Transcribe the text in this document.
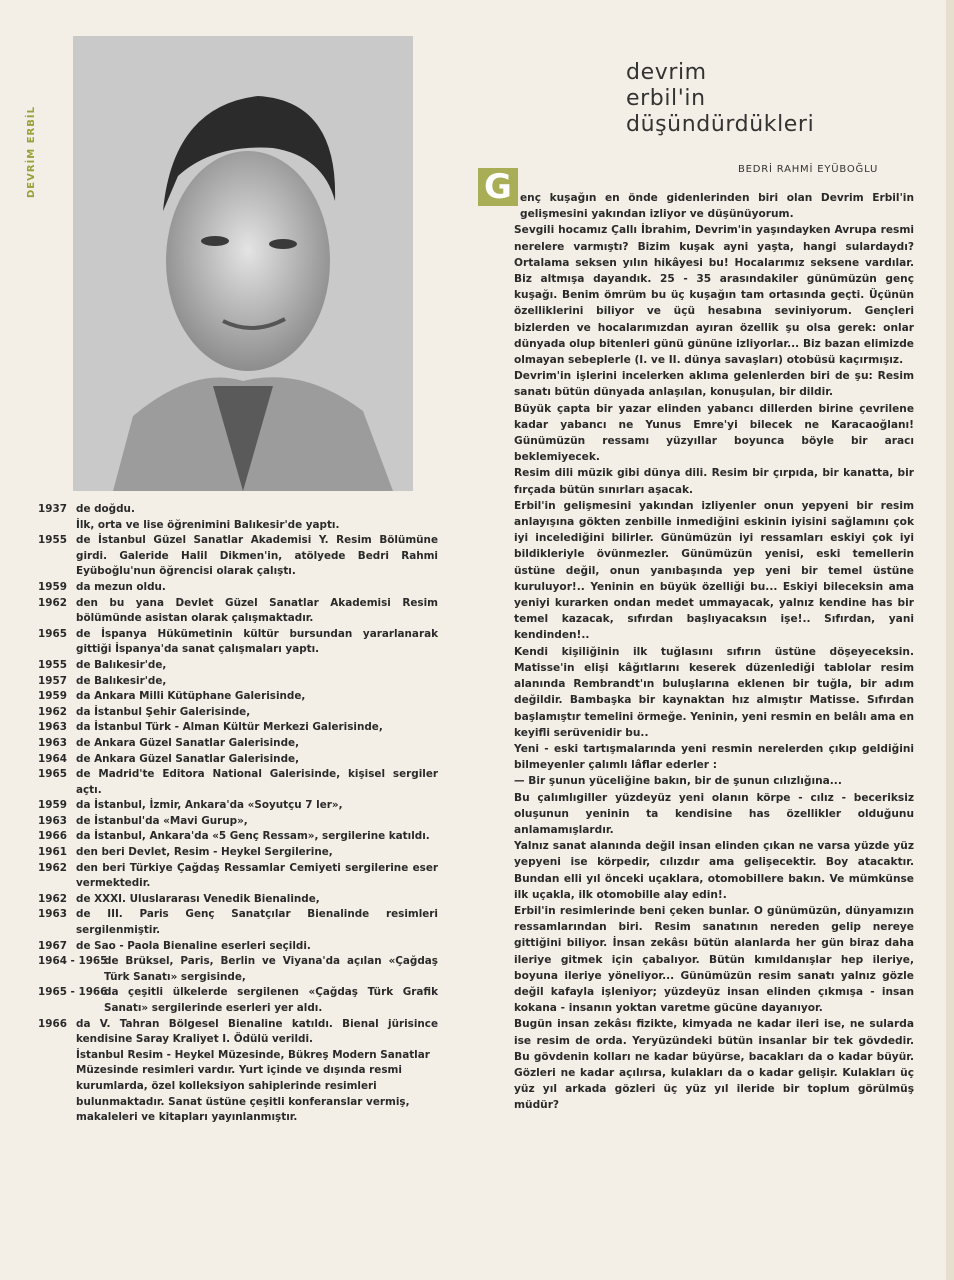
DEVRİM ERBİL
devrim
erbil'in
düşündürdükleri
BEDRİ RAHMİ EYÜBOĞLU
G enç kuşağın en önde gidenlerinden biri olan Devrim Erbil'in gelişmesini yakından izliyor ve düşünüyorum.

Sevgili hocamız Çallı İbrahim, Devrim'in yaşındayken Avrupa resmi nerelere varmıştı? Bizim kuşak ayni yaşta, hangi sulardaydı? Ortalama seksen yılın hikâyesi bu! Hocalarımız seksene vardılar. Biz altmışa dayandık. 25 - 35 arasındakiler günümüzün genç kuşağı. Benim ömrüm bu üç kuşağın tam ortasında geçti. Üçünün özelliklerini biliyor ve üçü hesabına seviniyorum. Gençleri bizlerden ve hocalarımızdan ayıran özellik şu olsa gerek: onlar dünyada olup bitenleri günü gününe izliyorlar... Biz bazan elimizde olmayan sebeplerle (I. ve II. dünya savaşları) otobüsü kaçırmışız.

Devrim'in işlerini incelerken aklıma gelenlerden biri de şu: Resim sanatı bütün dünyada anlaşılan, konuşulan, bir dildir.

Büyük çapta bir yazar elinden yabancı dillerden birine çevrilene kadar yabancı ne Yunus Emre'yi bilecek ne Karacaoğlanı! Günümüzün ressamı yüzyıllar boyunca böyle bir aracı beklemiyecek.

Resim dili müzik gibi dünya dili. Resim bir çırpıda, bir kanatta, bir fırçada bütün sınırları aşacak.

Erbil'in gelişmesini yakından izliyenler onun yepyeni bir resim anlayışına gökten zenbille inmediğini eskinin iyisini sağlamını çok iyi incelediğini bilirler. Günümüzün iyi ressamları eskiyi çok iyi bildikleriyle övünmezler. Günümüzün yenisi, eski temellerin üstüne değil, onun yanıbaşında yep yeni bir temel üstüne kuruluyor!.. Yeninin en büyük özelliği bu... Eskiyi bileceksin ama yeniyi kurarken ondan medet ummayacak, yalnız kendine has bir temel kazacak, sıfırdan başlıyacaksın işe!.. Sıfırdan, yani kendinden!..

Kendi kişiliğinin ilk tuğlasını sıfırın üstüne döşeyeceksin. Matisse'in elişi kâğıtlarını keserek düzenlediği tablolar resim alanında Rembrandt'ın buluşlarına eklenen bir tuğla, bir adım değildir. Bambaşka bir kaynaktan hız almıştır Matisse. Sıfırdan başlamıştır temelini örmeğe. Yeninin, yeni resmin en belâlı ama en keyifli serüvenidir bu..

Yeni - eski tartışmalarında yeni resmin nerelerden çıkıp geldiğini bilmeyenler çalımlı lâflar ederler :

— Bir şunun yüceliğine bakın, bir de şunun cılızlığına...

Bu çalımlıgiller yüzdeyüz yeni olanın körpe - cılız - beceriksiz oluşunun yeninin ta kendisine has özellikler olduğunu anlamamışlardır.

Yalnız sanat alanında değil insan elinden çıkan ne varsa yüzde yüz yepyeni ise körpedir, cılızdır ama gelişecektir. Boy atacaktır. Bundan elli yıl önceki uçaklara, otomobillere bakın. Ve mümkünse ilk uçakla, ilk otomobille alay edin!.

Erbil'in resimlerinde beni çeken bunlar. O günümüzün, dünyamızın ressamlarından biri. Resim sanatının nereden gelip nereye gittiğini biliyor. İnsan zekâsı bütün alanlarda her gün biraz daha ileriye gitmek için çabalıyor. Bütün kımıldanışlar hep ileriye, boyuna ileriye yöneliyor... Günümüzün resim sanatı yalnız gözle değil kafayla işleniyor; yüzdeyüz insan elinden çıkmışa - insan kokana - insanın yoktan varetme gücüne dayanıyor.

Bugün insan zekâsı fizikte, kimyada ne kadar ileri ise, ne sularda ise resim de orda. Yeryüzündeki bütün insanlar bir tek gövdedir. Bu gövdenin kolları ne kadar büyürse, bacakları da o kadar büyür. Gözleri ne kadar açılırsa, kulakları da o kadar gelişir. Kulakları üç yüz yıl arkada gözleri üç yüz yıl ileride bir toplum görülmüş müdür?

1937 de doğdu.
İlk, orta ve lise öğrenimini Balıkesir'de yaptı.
1955 de İstanbul Güzel Sanatlar Akademisi Y. Resim Bölümüne girdi. Galeride Halil Dikmen'in, atölyede Bedri Rahmi Eyüboğlu'nun öğrencisi olarak çalıştı.
1959 da mezun oldu.
1962 den bu yana Devlet Güzel Sanatlar Akademisi Resim bölümünde asistan olarak çalışmaktadır.
1965 de İspanya Hükümetinin kültür bursundan yararlanarak gittiği İspanya'da sanat çalışmaları yaptı.
1955 de Balıkesir'de,
1957 de Balıkesir'de,
1959 da Ankara Milli Kütüphane Galerisinde,
1962 da İstanbul Şehir Galerisinde,
1963 da İstanbul Türk - Alman Kültür Merkezi Galerisinde,
1963 de Ankara Güzel Sanatlar Galerisinde,
1964 de Ankara Güzel Sanatlar Galerisinde,
1965 de Madrid'te Editora National Galerisinde, kişisel sergiler açtı.
1959 da İstanbul, İzmir, Ankara'da «Soyutçu 7 ler»,
1963 de İstanbul'da «Mavi Gurup»,
1966 da İstanbul, Ankara'da «5 Genç Ressam», sergilerine katıldı.
1961 den beri Devlet, Resim - Heykel Sergilerine,
1962 den beri Türkiye Çağdaş Ressamlar Cemiyeti sergilerine eser vermektedir.
1962 de XXXI. Uluslararası Venedik Bienalinde,
1963 de III. Paris Genç Sanatçılar Bienalinde resimleri sergilenmiştir.
1967 de Sao - Paola Bienaline eserleri seçildi.
1964 - 1965
de Brüksel, Paris, Berlin ve Viyana'da açılan «Çağdaş Türk Sanatı» sergisinde,
1965 - 1966
da çeşitli ülkelerde sergilenen «Çağdaş Türk Grafik Sanatı» sergilerinde eserleri yer aldı.
1966 da V. Tahran Bölgesel Bienaline katıldı. Bienal jürisince kendisine Saray Kraliyet I. Ödülü verildi.
İstanbul Resim - Heykel Müzesinde, Bükreş Modern Sanatlar Müzesinde resimleri vardır. Yurt içinde ve dışında resmi kurumlarda, özel kolleksiyon sahiplerinde resimleri bulunmaktadır. Sanat üstüne çeşitli konferanslar vermiş, makaleleri ve kitapları yayınlanmıştır.
